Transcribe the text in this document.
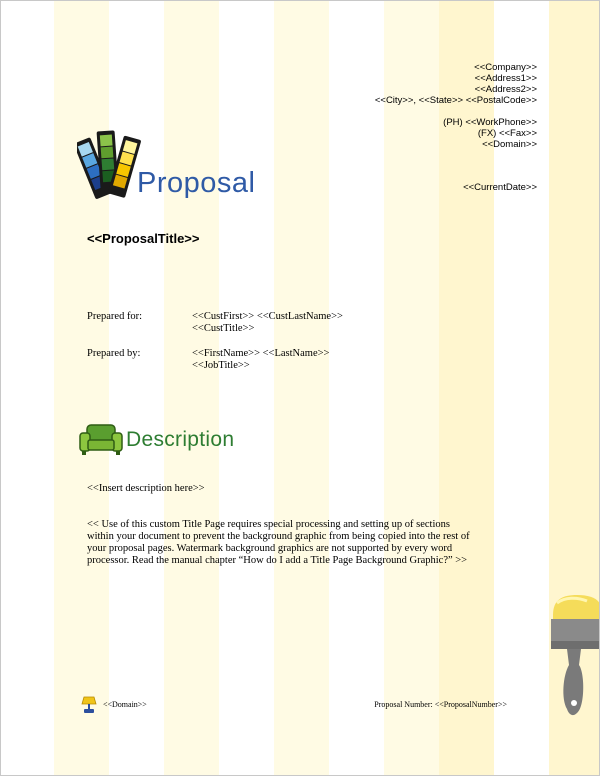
<<Company>>
<<Address1>>
<<Address2>>
<<City>>, <<State>> <<PostalCode>>
(PH) <<WorkPhone>>
(FX) <<Fax>>
<<Domain>>
<<CurrentDate>>
Proposal
<<ProposalTitle>>
Prepared for:	<<CustFirst>> <<CustLastName>>
<<CustTitle>>
Prepared by:	<<FirstName>> <<LastName>>
<<JobTitle>>
Description
<<Insert description here>>
<< Use of this custom Title Page requires special processing and setting up of sections within your document to prevent the background graphic from being copied into the rest of your proposal pages. Watermark background graphics are not supported by every word processor. Read the manual chapter “How do I add a Title Page Background Graphic?” >>
<<Domain>>	Proposal Number: <<ProposalNumber>>
